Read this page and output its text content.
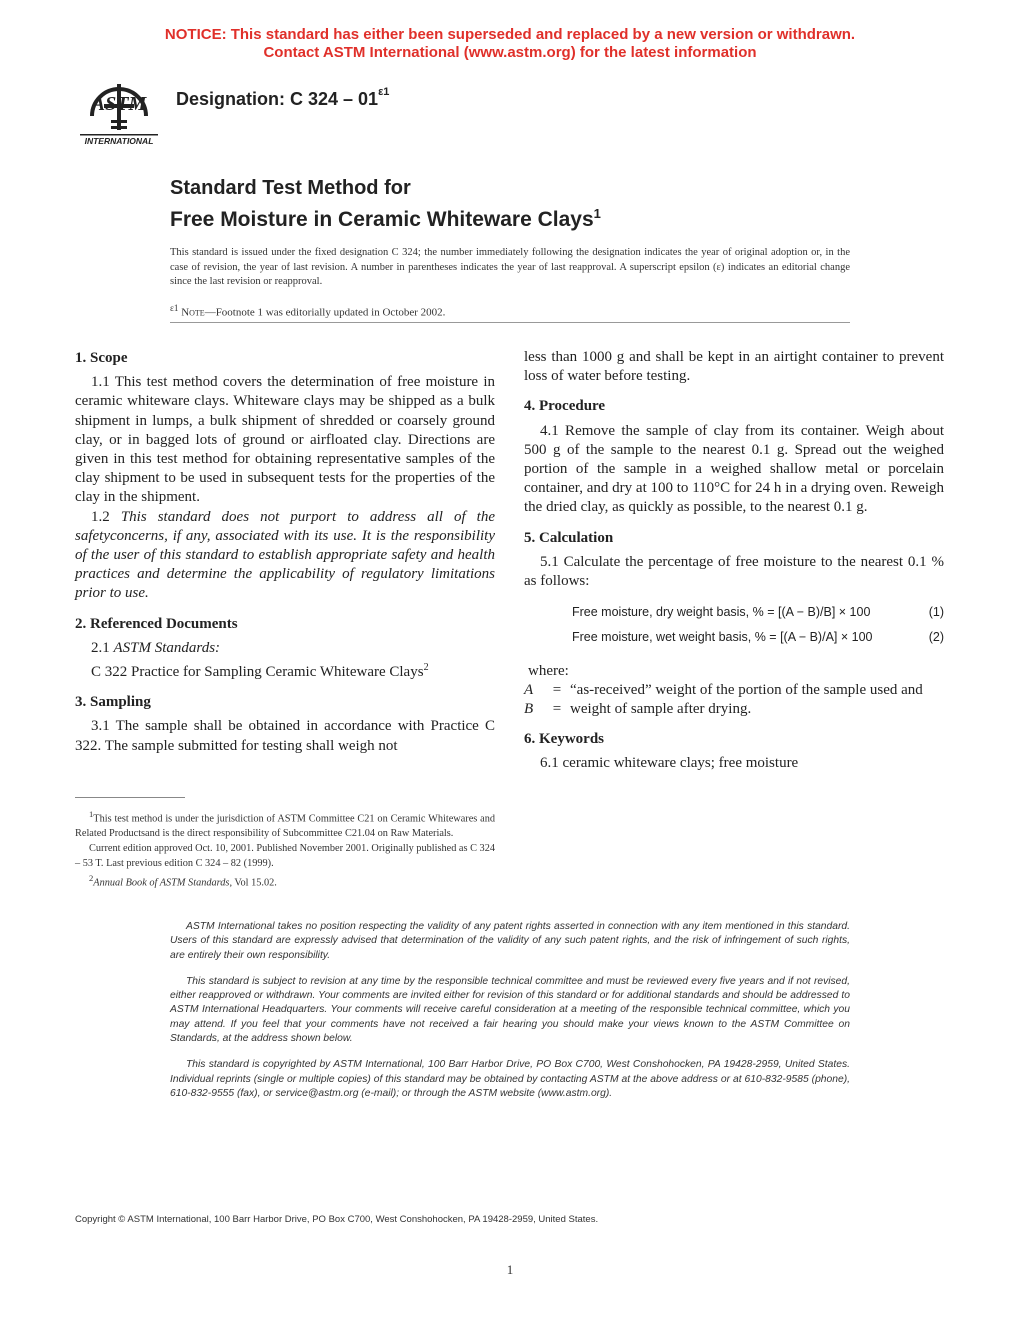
NOTICE: This standard has either been superseded and replaced by a new version or withdrawn.
Contact ASTM International (www.astm.org) for the latest information
ASTM
INTERNATIONAL
Designation: C $324 - 01^{\varepsilon 1}$
Standard Test Method for
Free Moisture in Ceramic Whiteware Clays$^1$
This standard is issued under the fixed designation C 324; the number immediately following the designation indicates the year of original adoption or, in the case of revision, the year of last revision. A number in parentheses indicates the year of last reapproval. A superscript epsilon (ε) indicates an editorial change since the last revision or reapproval.
$^{\varepsilon 1}$ Note—Footnote 1 was editorially updated in October 2002.
1. Scope

1.1 This test method covers the determination of free moisture in ceramic whiteware clays. Whiteware clays may be shipped as a bulk shipment in lumps, a bulk shipment of shredded or coarsely ground clay, or in bagged lots of ground or airfloated clay. Directions are given in this test method for obtaining representative samples of the clay shipment to be used in subsequent tests for the properties of the clay in the shipment.

1.2 This standard does not purport to address all of the safetyconcerns, if any, associated with its use. It is the responsibility of the user of this standard to establish appropriate safety and health practices and determine the applicability of regulatory limitations prior to use.

2. Referenced Documents

2.1 ASTM Standards:

C 322 Practice for Sampling Ceramic Whiteware Clays$^2$

3. Sampling

3.1 The sample shall be obtained in accordance with Practice C 322. The sample submitted for testing shall weigh not

less than 1000 g and shall be kept in an airtight container to prevent loss of water before testing.

4. Procedure

4.1 Remove the sample of clay from its container. Weigh about 500 g of the sample to the nearest 0.1 g. Spread out the weighed portion of the sample in a weighed shallow metal or porcelain container, and dry at 100 to 110°C for 24 h in a drying oven. Reweigh the dried clay, as quickly as possible, to the nearest 0.1 g.

5. Calculation

5.1 Calculate the percentage of free moisture to the nearest 0.1 % as follows:

Free moisture, dry weight basis, % = [(A − B)/B] × 100	(1)
Free moisture, wet weight basis, % = [(A − B)/A] × 100	(2)
where:
A	= “as-received” weight of the portion of the sample used and
B	= weight of sample after drying.
6. Keywords

6.1 ceramic whiteware clays; free moisture

$^1$This test method is under the jurisdiction of ASTM Committee C21 on Ceramic Whitewares and Related Productsand is the direct responsibility of Subcommittee C21.04 on Raw Materials.

Current edition approved Oct. 10, 2001. Published November 2001. Originally published as C 324 – 53 T. Last previous edition C 324 – 82 (1999).

$^2$Annual Book of ASTM Standards, Vol 15.02.

ASTM International takes no position respecting the validity of any patent rights asserted in connection with any item mentioned in this standard. Users of this standard are expressly advised that determination of the validity of any such patent rights, and the risk of infringement of such rights, are entirely their own responsibility.

This standard is subject to revision at any time by the responsible technical committee and must be reviewed every five years and if not revised, either reapproved or withdrawn. Your comments are invited either for revision of this standard or for additional standards and should be addressed to ASTM International Headquarters. Your comments will receive careful consideration at a meeting of the responsible technical committee, which you may attend. If you feel that your comments have not received a fair hearing you should make your views known to the ASTM Committee on Standards, at the address shown below.

This standard is copyrighted by ASTM International, 100 Barr Harbor Drive, PO Box C700, West Conshohocken, PA 19428-2959, United States. Individual reprints (single or multiple copies) of this standard may be obtained by contacting ASTM at the above address or at 610-832-9585 (phone), 610-832-9555 (fax), or service@astm.org (e-mail); or through the ASTM website (www.astm.org).

Copyright © ASTM International, 100 Barr Harbor Drive, PO Box C700, West Conshohocken, PA 19428-2959, United States.
1
